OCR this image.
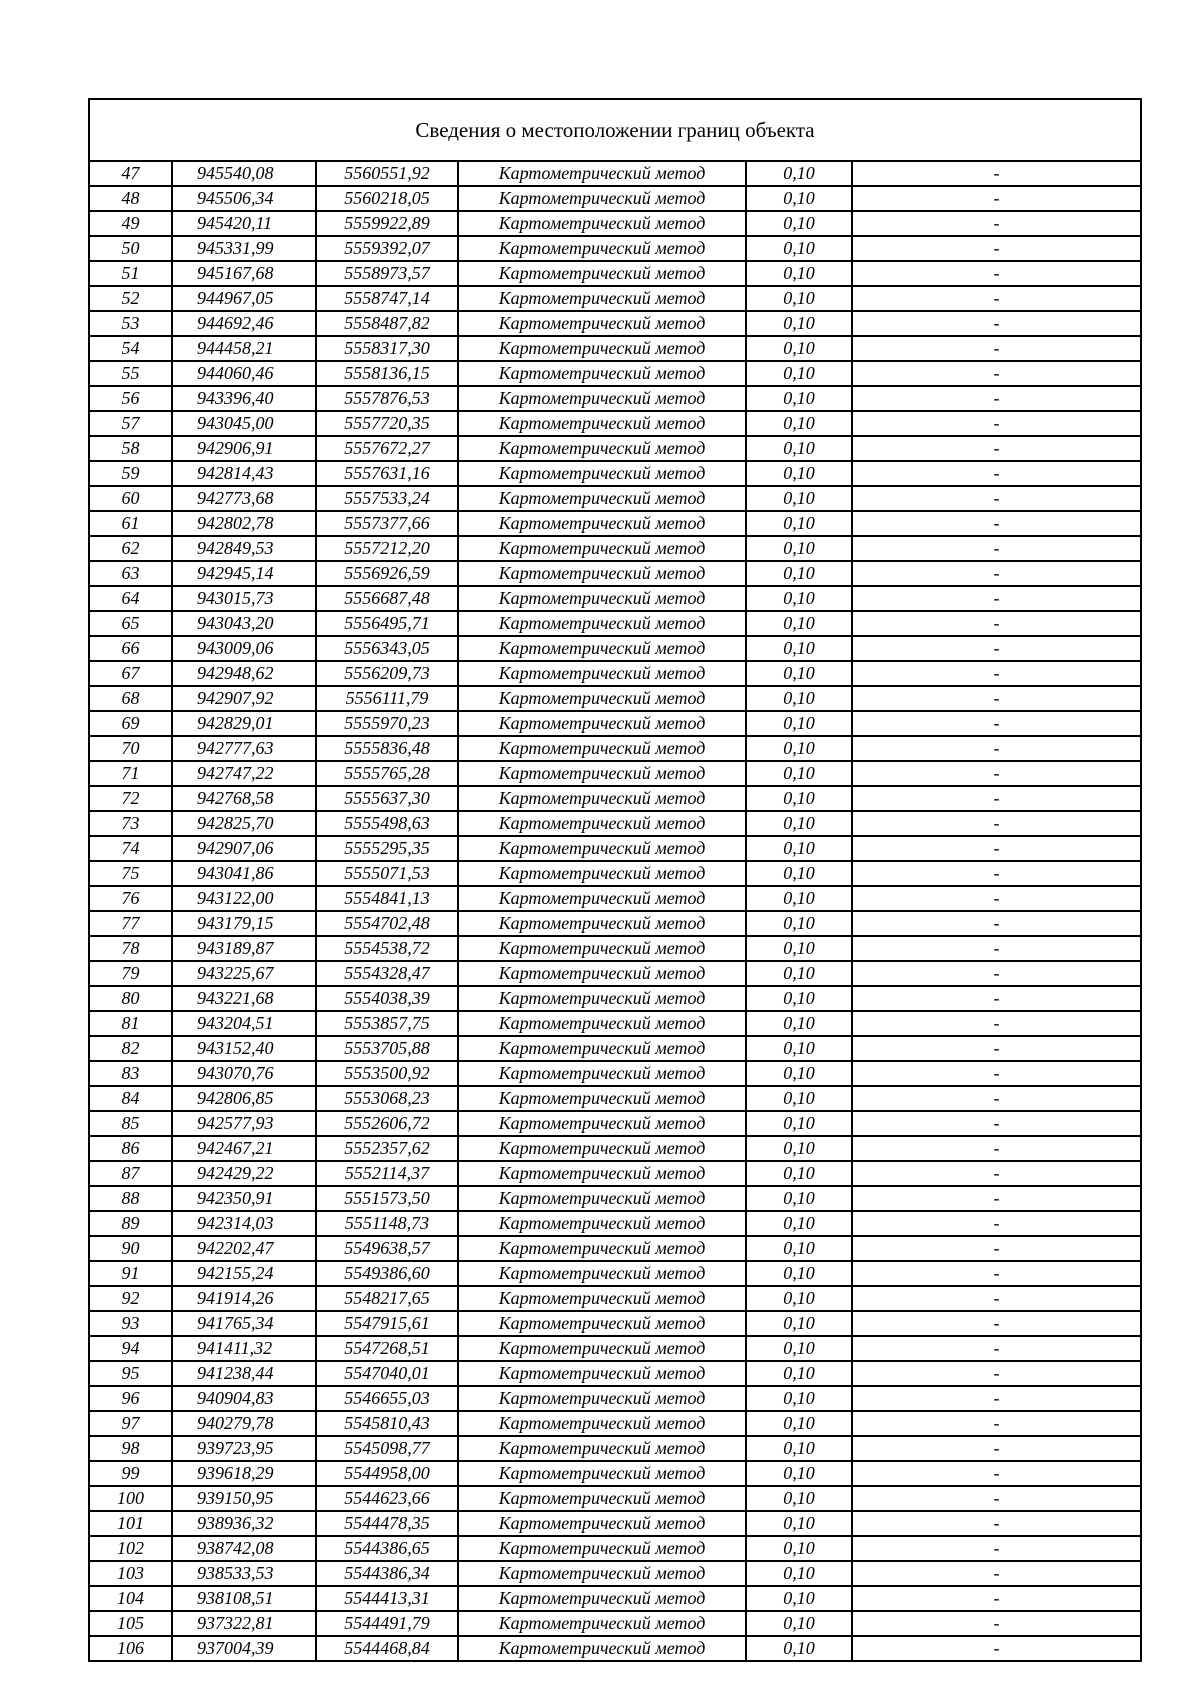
Сведения о местоположении границ объекта
47	945540,08	5560551,92	Картометрический метод	0,10	-
48	945506,34	5560218,05	Картометрический метод	0,10	-
49	945420,11	5559922,89	Картометрический метод	0,10	-
50	945331,99	5559392,07	Картометрический метод	0,10	-
51	945167,68	5558973,57	Картометрический метод	0,10	-
52	944967,05	5558747,14	Картометрический метод	0,10	-
53	944692,46	5558487,82	Картометрический метод	0,10	-
54	944458,21	5558317,30	Картометрический метод	0,10	-
55	944060,46	5558136,15	Картометрический метод	0,10	-
56	943396,40	5557876,53	Картометрический метод	0,10	-
57	943045,00	5557720,35	Картометрический метод	0,10	-
58	942906,91	5557672,27	Картометрический метод	0,10	-
59	942814,43	5557631,16	Картометрический метод	0,10	-
60	942773,68	5557533,24	Картометрический метод	0,10	-
61	942802,78	5557377,66	Картометрический метод	0,10	-
62	942849,53	5557212,20	Картометрический метод	0,10	-
63	942945,14	5556926,59	Картометрический метод	0,10	-
64	943015,73	5556687,48	Картометрический метод	0,10	-
65	943043,20	5556495,71	Картометрический метод	0,10	-
66	943009,06	5556343,05	Картометрический метод	0,10	-
67	942948,62	5556209,73	Картометрический метод	0,10	-
68	942907,92	5556111,79	Картометрический метод	0,10	-
69	942829,01	5555970,23	Картометрический метод	0,10	-
70	942777,63	5555836,48	Картометрический метод	0,10	-
71	942747,22	5555765,28	Картометрический метод	0,10	-
72	942768,58	5555637,30	Картометрический метод	0,10	-
73	942825,70	5555498,63	Картометрический метод	0,10	-
74	942907,06	5555295,35	Картометрический метод	0,10	-
75	943041,86	5555071,53	Картометрический метод	0,10	-
76	943122,00	5554841,13	Картометрический метод	0,10	-
77	943179,15	5554702,48	Картометрический метод	0,10	-
78	943189,87	5554538,72	Картометрический метод	0,10	-
79	943225,67	5554328,47	Картометрический метод	0,10	-
80	943221,68	5554038,39	Картометрический метод	0,10	-
81	943204,51	5553857,75	Картометрический метод	0,10	-
82	943152,40	5553705,88	Картометрический метод	0,10	-
83	943070,76	5553500,92	Картометрический метод	0,10	-
84	942806,85	5553068,23	Картометрический метод	0,10	-
85	942577,93	5552606,72	Картометрический метод	0,10	-
86	942467,21	5552357,62	Картометрический метод	0,10	-
87	942429,22	5552114,37	Картометрический метод	0,10	-
88	942350,91	5551573,50	Картометрический метод	0,10	-
89	942314,03	5551148,73	Картометрический метод	0,10	-
90	942202,47	5549638,57	Картометрический метод	0,10	-
91	942155,24	5549386,60	Картометрический метод	0,10	-
92	941914,26	5548217,65	Картометрический метод	0,10	-
93	941765,34	5547915,61	Картометрический метод	0,10	-
94	941411,32	5547268,51	Картометрический метод	0,10	-
95	941238,44	5547040,01	Картометрический метод	0,10	-
96	940904,83	5546655,03	Картометрический метод	0,10	-
97	940279,78	5545810,43	Картометрический метод	0,10	-
98	939723,95	5545098,77	Картометрический метод	0,10	-
99	939618,29	5544958,00	Картометрический метод	0,10	-
100	939150,95	5544623,66	Картометрический метод	0,10	-
101	938936,32	5544478,35	Картометрический метод	0,10	-
102	938742,08	5544386,65	Картометрический метод	0,10	-
103	938533,53	5544386,34	Картометрический метод	0,10	-
104	938108,51	5544413,31	Картометрический метод	0,10	-
105	937322,81	5544491,79	Картометрический метод	0,10	-
106	937004,39	5544468,84	Картометрический метод	0,10	-
